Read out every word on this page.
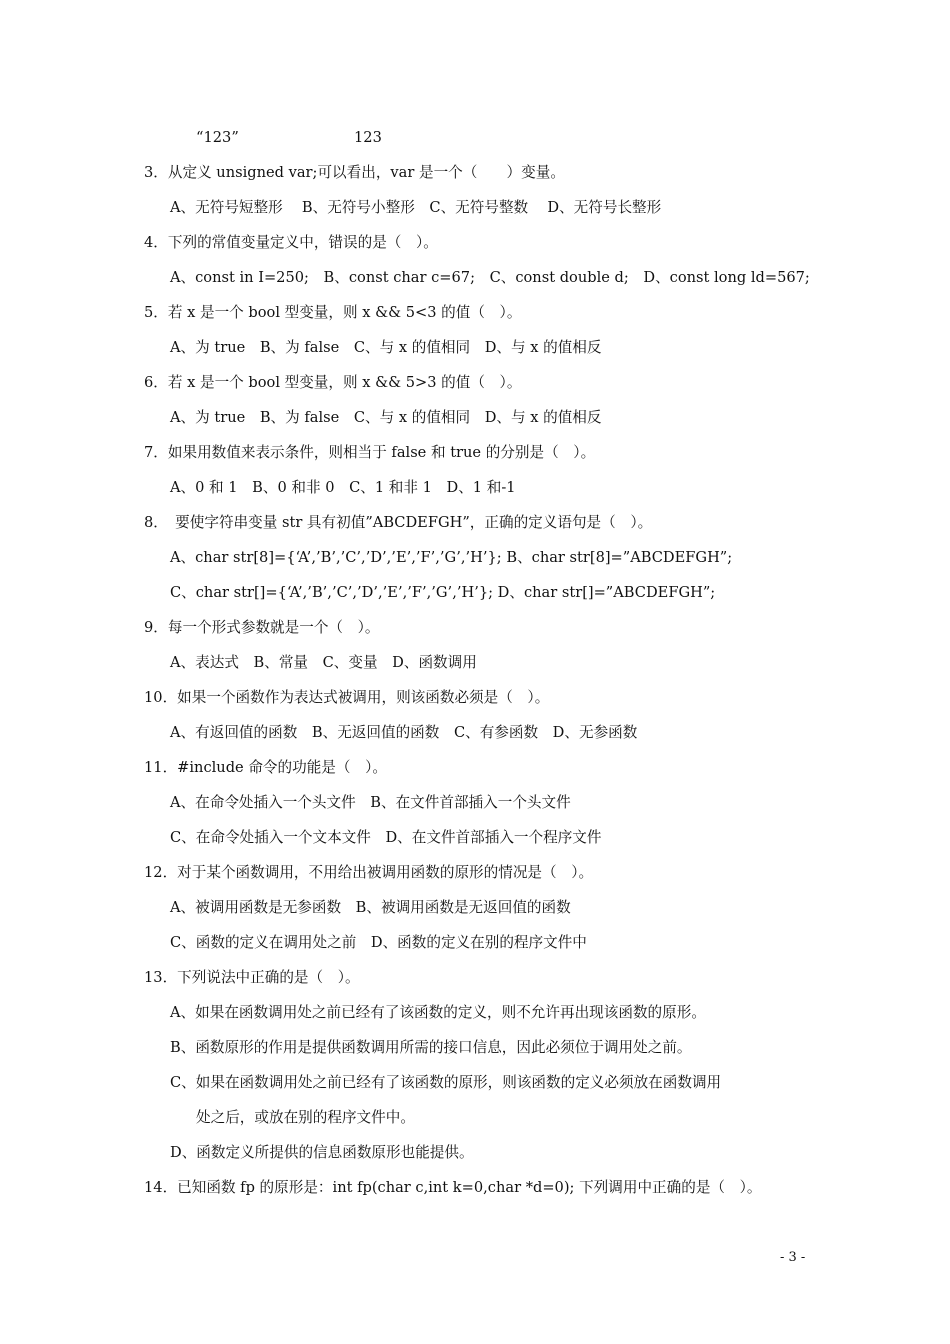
“123”	123
3．从定义 unsigned var;可以看出，var 是一个（　　）变量。
A、无符号短整形　 B、无符号小整形　C、无符号整数　 D、无符号长整形
4．下列的常值变量定义中，错误的是（　）。
A、const in I=250;　B、const char c=67;　C、const double d;　D、const long ld=567;
5．若 x 是一个 bool 型变量，则 x && 5<3 的值（　）。
A、为 true　B、为 false　C、与 x 的值相同　D、与 x 的值相反
6．若 x 是一个 bool 型变量，则 x && 5>3 的值（　）。
A、为 true　B、为 false　C、与 x 的值相同　D、与 x 的值相反
7．如果用数值来表示条件，则相当于 false 和 true 的分别是（　）。
A、0 和 1　B、0 和非 0　C、1 和非 1　D、1 和-1
8．　要使字符串变量 str 具有初值”ABCDEFGH”，正确的定义语句是（　）。
A、char str[8]={‘A’,’B’,’C’,’D’,’E’,’F’,’G’,’H’}; B、char str[8]=”ABCDEFGH”;
C、char str[]={‘A’,’B’,’C’,’D’,’E’,’F’,’G’,’H’}; D、char str[]=”ABCDEFGH”;
9．每一个形式参数就是一个（　）。
A、表达式　B、常量　C、变量　D、函数调用
10．如果一个函数作为表达式被调用，则该函数必须是（　）。
A、有返回值的函数　B、无返回值的函数　C、有参函数　D、无参函数
11．#include 命令的功能是（　）。
A、在命令处插入一个头文件　B、在文件首部插入一个头文件
C、在命令处插入一个文本文件　D、在文件首部插入一个程序文件
12．对于某个函数调用，不用给出被调用函数的原形的情况是（　）。
A、被调用函数是无参函数　B、被调用函数是无返回值的函数
C、函数的定义在调用处之前　D、函数的定义在别的程序文件中
13．下列说法中正确的是（　）。
A、如果在函数调用处之前已经有了该函数的定义，则不允许再出现该函数的原形。
B、函数原形的作用是提供函数调用所需的接口信息，因此必须位于调用处之前。
C、如果在函数调用处之前已经有了该函数的原形，则该函数的定义必须放在函数调用
处之后，或放在别的程序文件中。
D、函数定义所提供的信息函数原形也能提供。
14．已知函数 fp 的原形是：int fp(char c,int k=0,char *d=0); 下列调用中正确的是（　）。
- 3 -
